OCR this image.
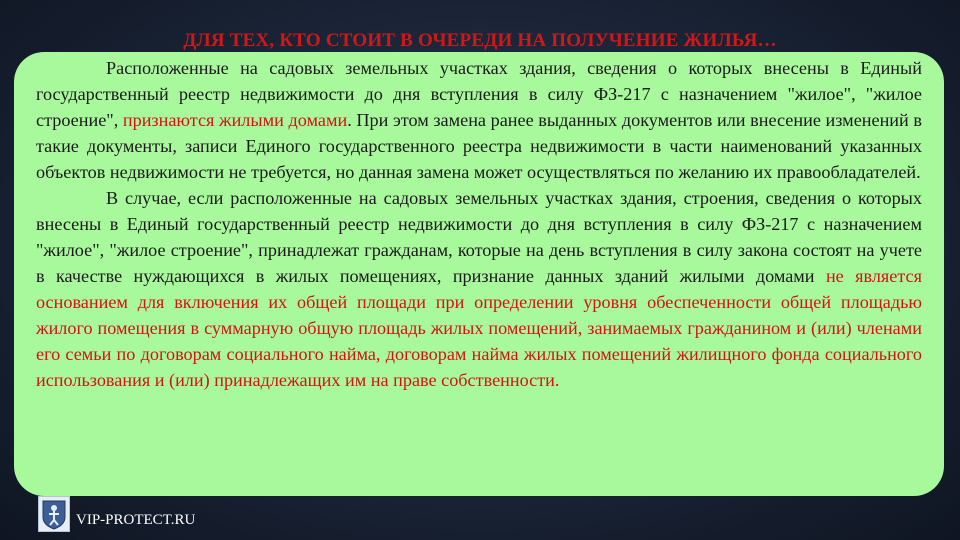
ДЛЯ ТЕХ, КТО СТОИТ В ОЧЕРЕДИ НА ПОЛУЧЕНИЕ ЖИЛЬЯ…

Расположенные на садовых земельных участках здания, сведения о которых внесены в Единый государственный реестр недвижимости до дня вступления в силу ФЗ-217 с назначением "жилое", "жилое строение", признаются жилыми домами. При этом замена ранее выданных документов или внесение изменений в такие документы, записи Единого государственного реестра недвижимости в части наименований указанных объектов недвижимости не требуется, но данная замена может осуществляться по желанию их правообладателей.

В случае, если расположенные на садовых земельных участках здания, строения, сведения о которых внесены в Единый государственный реестр недвижимости до дня вступления в силу ФЗ-217 с назначением "жилое", "жилое строение", принадлежат гражданам, которые на день вступления в силу закона состоят на учете в качестве нуждающихся в жилых помещениях, признание данных зданий жилыми домами не является основанием для включения их общей площади при определении уровня обеспеченности общей площадью жилого помещения в суммарную общую площадь жилых помещений, занимаемых гражданином и (или) членами его семьи по договорам социального найма, договорам найма жилых помещений жилищного фонда социального использования и (или) принадлежащих им на праве собственности.

VIP-PROTECT.RU
